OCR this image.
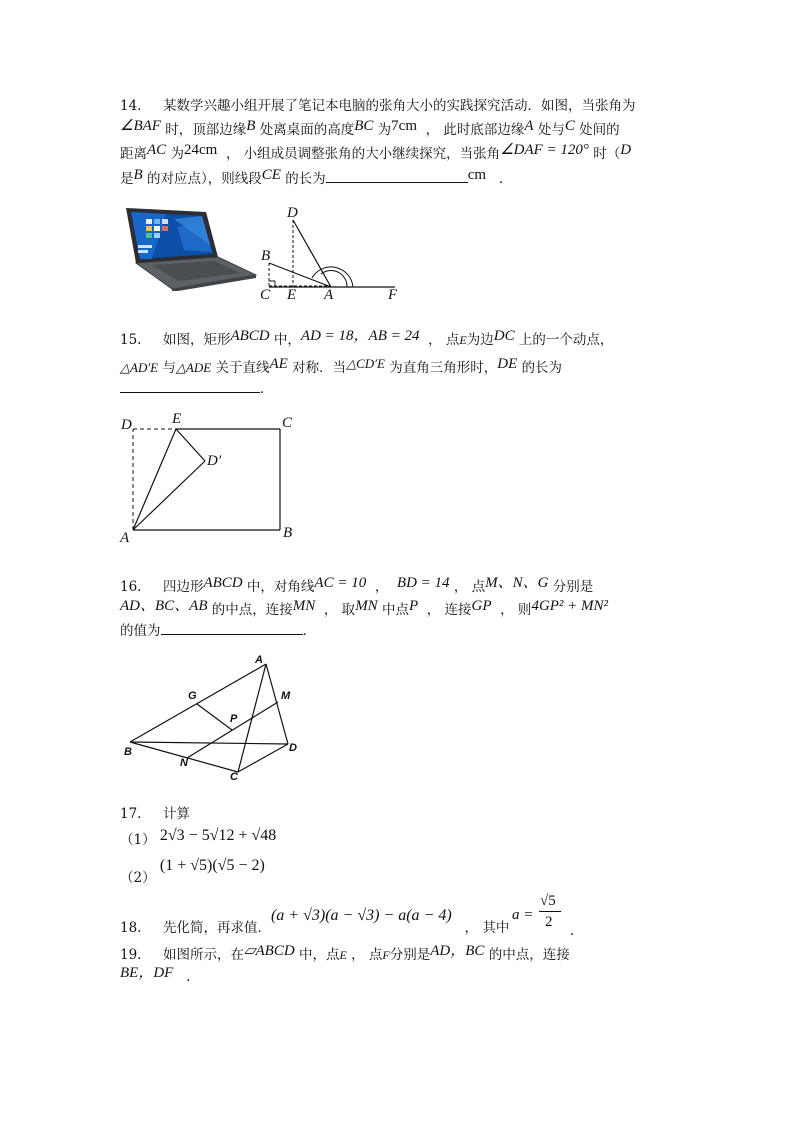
14. 某数学兴趣小组开展了笔记本电脑的张角大小的实践探究活动．如图，当张角为
∠BAF 时，顶部边缘B 处离桌面的高度BC 为7cm ， 此时底部边缘A 处与C 处间的
距离AC 为24cm ， 小组成员调整张角的大小继续探究，当张角∠DAF = 120° 时（D
是B 的对应点），则线段CE 的长为	cm ．
D
B
C E A	F
15. 如图，矩形ABCD 中，AD = 18，AB = 24 ， 点E为边DC 上的一个动点，
△AD′E 与△ADE 关于直线AE 对称．当△CD′E 为直角三角形时，DE 的长为
．
D	E	C
D′
A	B
16. 四边形ABCD 中，对角线AC = 10 ， BD = 14 ， 点M、N、G 分别是
AD、BC、AB 的中点，连接MN ， 取MN 中点P ， 连接GP ， 则4GP² + MN²
的值为	．
A
G	M
P
B	D
N
C
17. 计算
（1） 2√3 − 5√12 + √48
（2） (1 + √5)(√5 − 2)
18. 先化简，再求值．(a + √3)(a − √3) − a(a − 4)   ， 其中
a =
√5
2
．
19. 如图所示，在▱ABCD 中，点E ， 点F分别是AD，BC 的中点，连接
BE，DF ．
